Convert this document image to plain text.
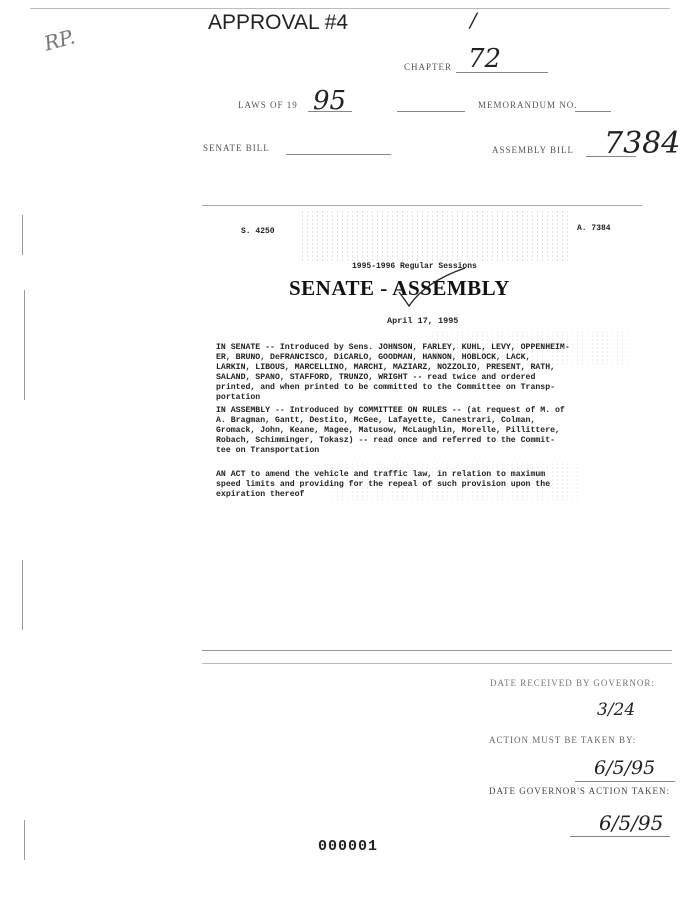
RP.
APPROVAL #4	/
CHAPTER 72
LAWS OF 19 95	MEMORANDUM NO.
SENATE BILL	ASSEMBLY BILL 7384
S. 4250	A. 7384
1995-1996 Regular Sessions
SENATE - ASSEMBLY
April 17, 1995

IN SENATE -- Introduced by Sens. JOHNSON, FARLEY, KUHL, LEVY, OPPENHEIM-
ER, BRUNO, DeFRANCISCO, DiCARLO, GOODMAN, HANNON, HOBLOCK, LACK,
LARKIN, LIBOUS, MARCELLINO, MARCHI, MAZIARZ, NOZZOLIO, PRESENT, RATH,
SALAND, SPANO, STAFFORD, TRUNZO, WRIGHT -- read twice and ordered
printed, and when printed to be committed to the Committee on Transp-
portation

IN ASSEMBLY -- Introduced by COMMITTEE ON RULES -- (at request of M. of
A. Bragman, Gantt, Destito, McGee, Lafayette, Canestrari, Colman,
Gromack, John, Keane, Magee, Matusow, McLaughlin, Morelle, Pillittere,
Robach, Schimminger, Tokasz) -- read once and referred to the Commit-
tee on Transportation

AN ACT to amend the vehicle and traffic law, in relation to maximum
speed limits and providing for the repeal of such provision upon the
expiration thereof

DATE RECEIVED BY GOVERNOR:
3/24
ACTION MUST BE TAKEN BY:
6/5/95
DATE GOVERNOR'S ACTION TAKEN:
6/5/95
000001
